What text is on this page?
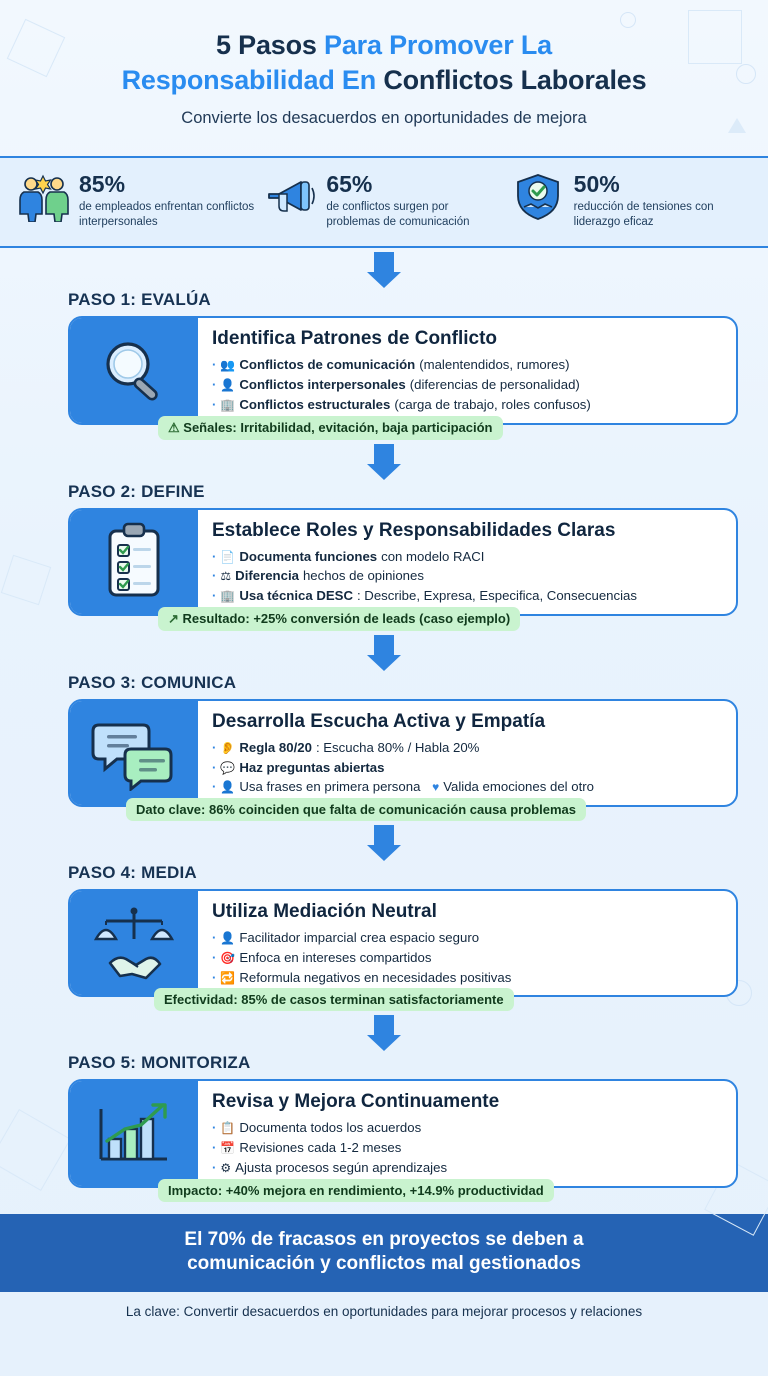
5 Pasos Para Promover La
Responsabilidad En Conflictos Laborales
Convierte los desacuerdos en oportunidades de mejora
85%
de empleados enfrentan conflictos interpersonales
65%
de conflictos surgen por problemas de comunicación
50%
reducción de tensiones con liderazgo eficaz
PASO 1: EVALÚA
Identifica Patrones de Conflicto
· 👥 Conflictos de comunicación (malentendidos, rumores)
· 👤 Conflictos interpersonales (diferencias de personalidad)
· 🏢 Conflictos estructurales (carga de trabajo, roles confusos)
⚠ Señales: Irritabilidad, evitación, baja participación
PASO 2: DEFINE
Establece Roles y Responsabilidades Claras
· 📄 Documenta funciones con modelo RACI
· ⚖ Diferencia hechos de opiniones
· 🏢 Usa técnica DESC : Describe, Expresa, Especifica, Consecuencias
↗ Resultado: +25% conversión de leads (caso ejemplo)
PASO 3: COMUNICA
Desarrolla Escucha Activa y Empatía
· 👂 Regla 80/20 : Escucha 80% / Habla 20%
· 💬 Haz preguntas abiertas
· 👤 Usa frases en primera persona
♥ Valida emociones del otro
Dato clave: 86% coinciden que falta de comunicación causa problemas
PASO 4: MEDIA
Utiliza Mediación Neutral
· 👤 Facilitador imparcial crea espacio seguro
· 🎯 Enfoca en intereses compartidos
· 🔁 Reformula negativos en necesidades positivas
Efectividad: 85% de casos terminan satisfactoriamente
PASO 5: MONITORIZA
Revisa y Mejora Continuamente
· 📋 Documenta todos los acuerdos
· 📅 Revisiones cada 1-2 meses
· ⚙ Ajusta procesos según aprendizajes
Impacto: +40% mejora en rendimiento, +14.9% productividad
El 70% de fracasos en proyectos se deben a
comunicación y conflictos mal gestionados
La clave: Convertir desacuerdos en oportunidades para mejorar procesos y relaciones
